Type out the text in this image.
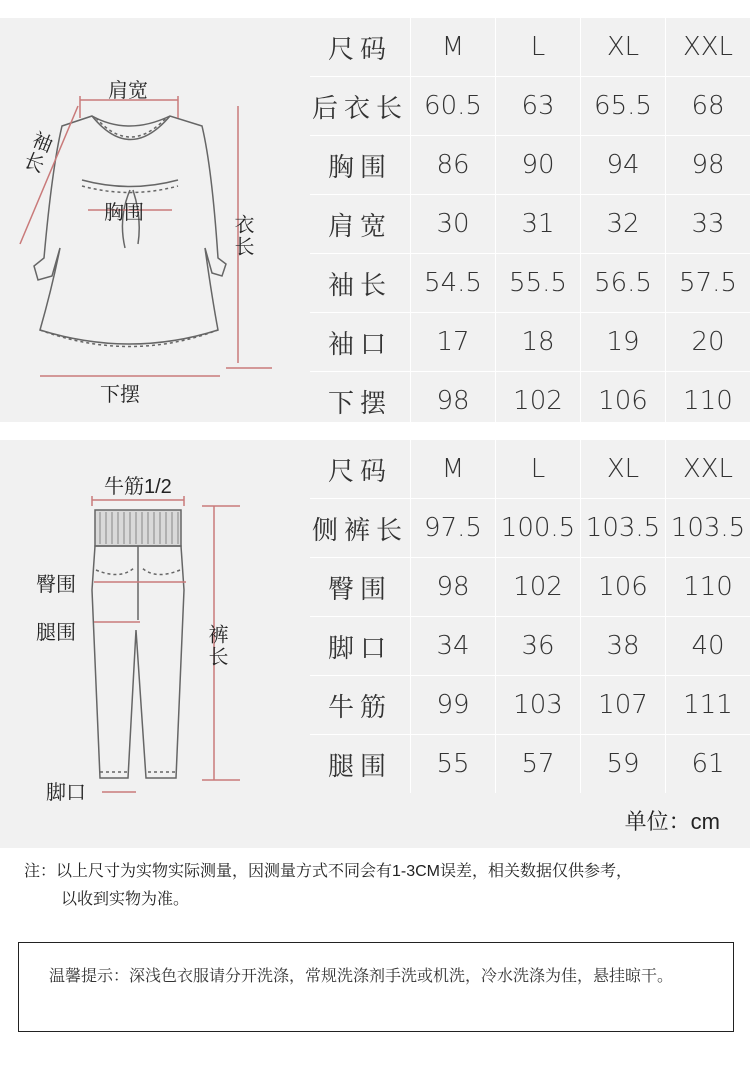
肩宽
袖长
胸围
衣长
下摆
尺码	M	L	XL	XXL
后衣长	60.5	63	65.5	68
胸围	86	90	94	98
肩宽	30	31	32	33
袖长	54.5	55.5	56.5	57.5
袖口	17	18	19	20
下摆	98	102	106	110
牛筋1/2
臀围
腿围	裤长
脚口
尺码	M	L	XL	XXL
侧裤长	97.5	100.5	103.5	103.5
臀围	98	102	106	110
脚口	34	36	38	40
牛筋	99	103	107	111
腿围	55	57	59	61
单位：cm
注：以上尺寸为实物实际测量，因测量方式不同会有1-3CM误差，相关数据仅供参考，
以收到实物为准。
温馨提示：深浅色衣服请分开洗涤，常规洗涤剂手洗或机洗，冷水洗涤为佳，悬挂晾干。
